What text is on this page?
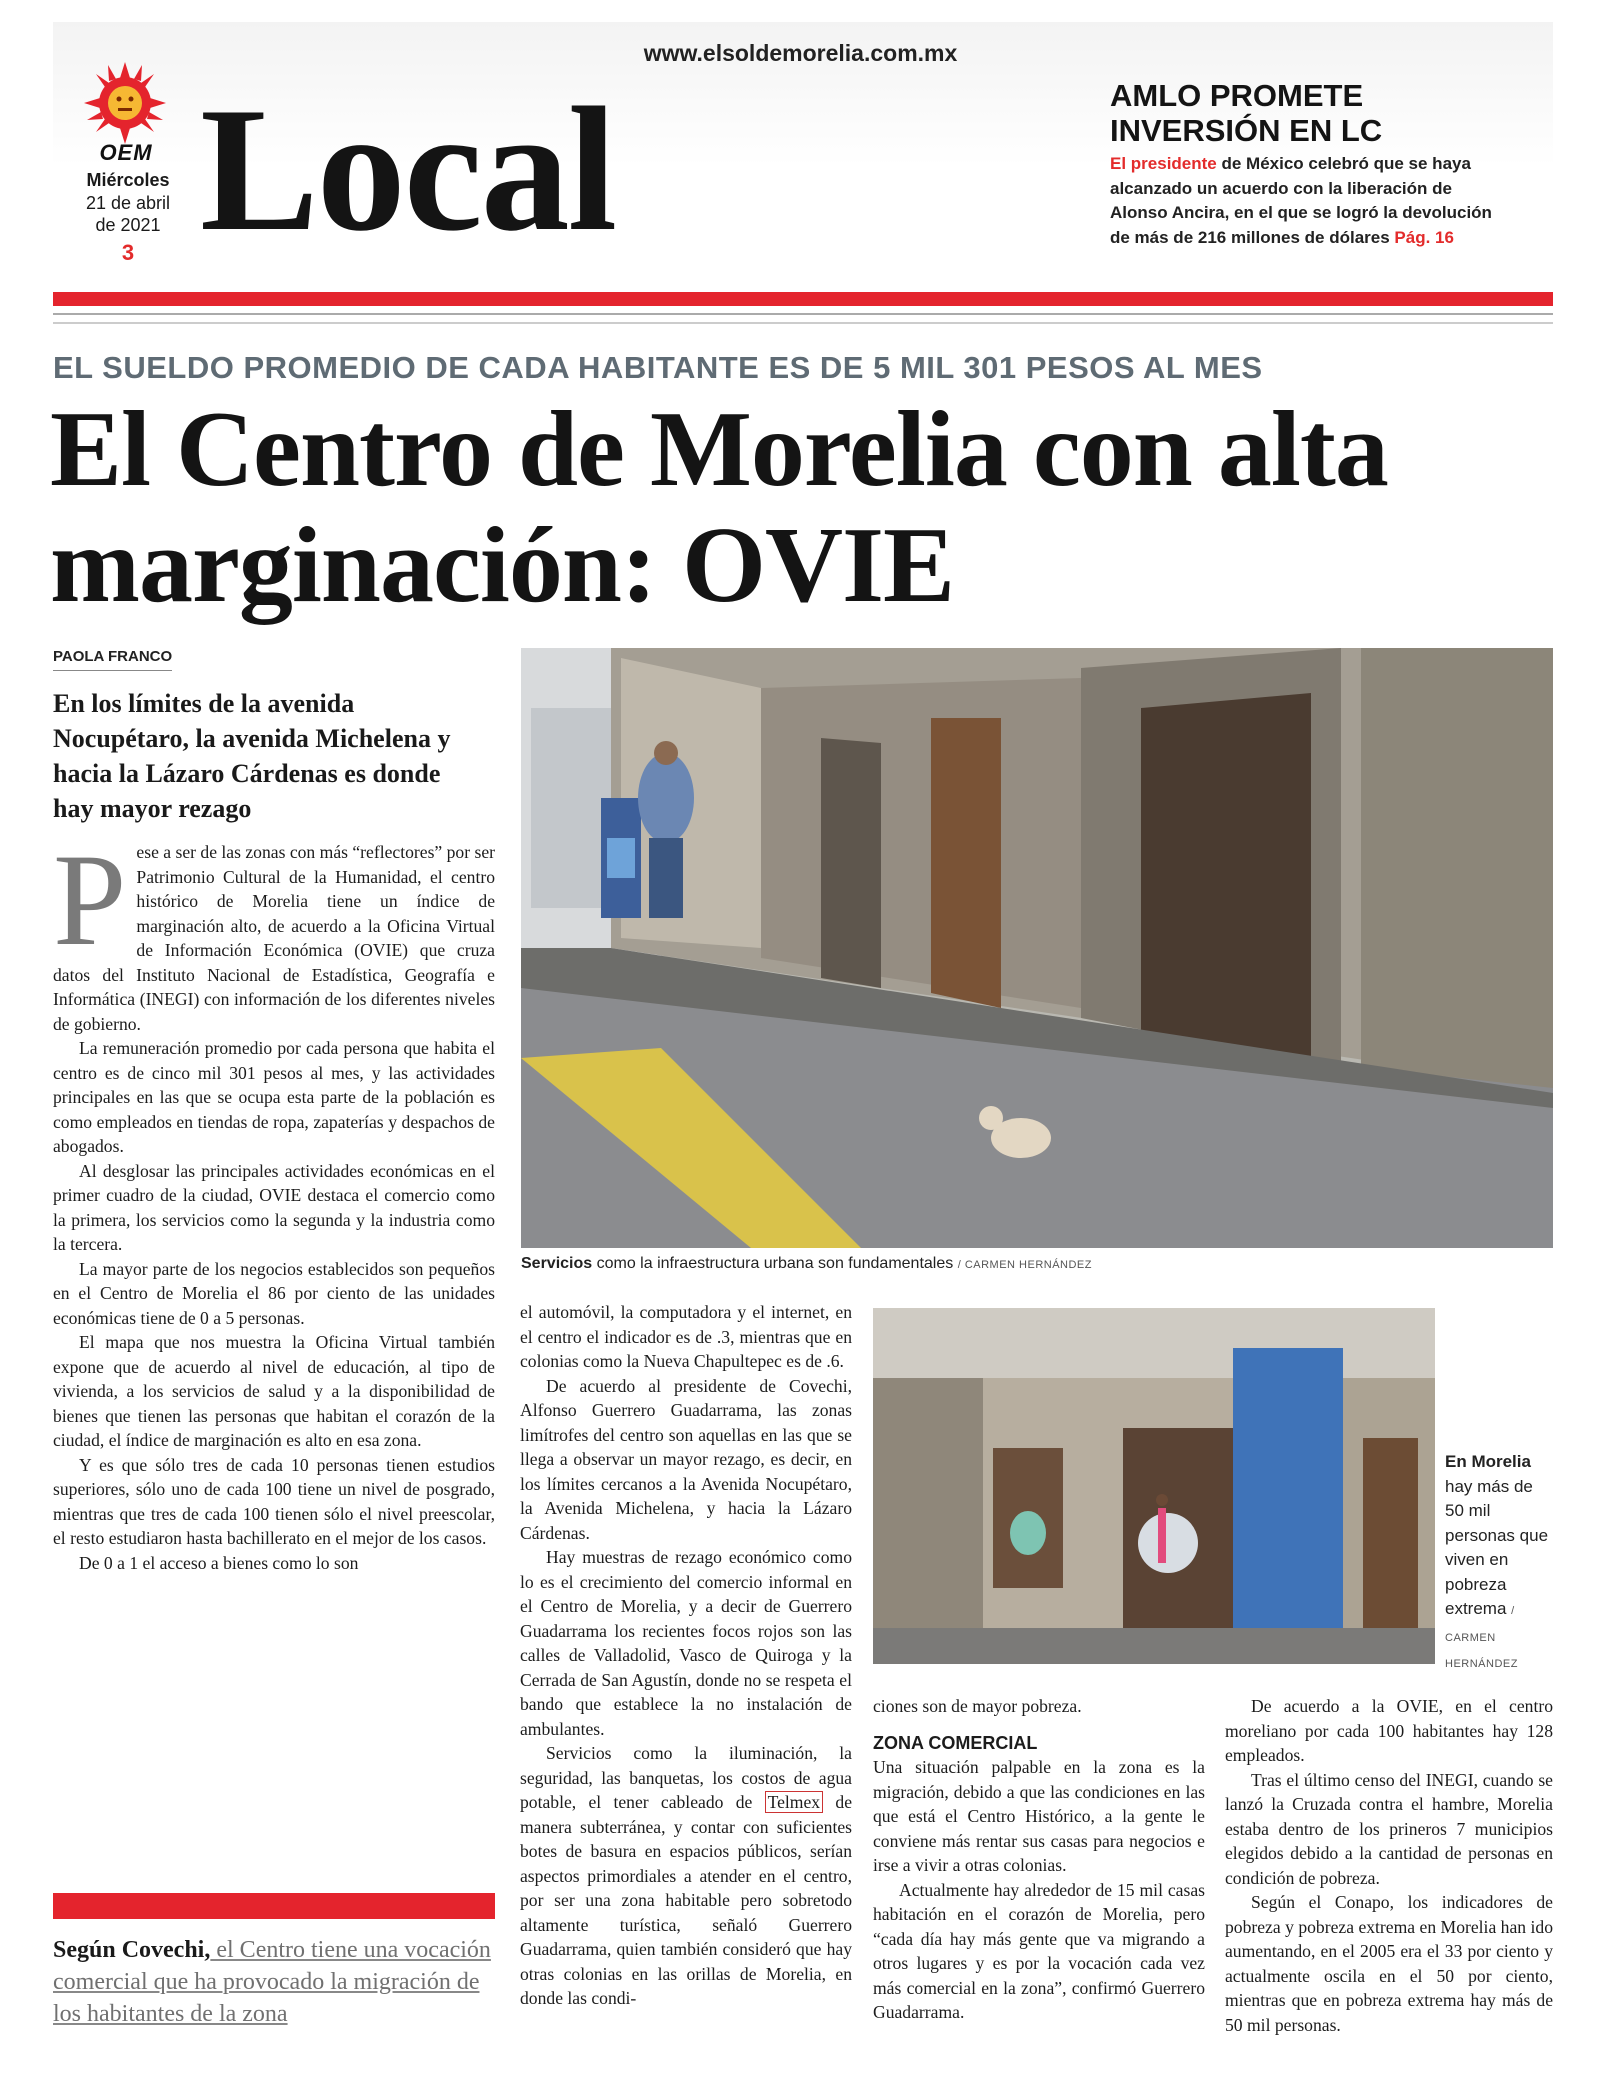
www.elsoldemorelia.com.mx
OEM
Miércoles
21 de abril
de 2021
3 Local	AMLO PROMETE INVERSIÓN EN LC
El presidente de México celebró que se haya alcanzado un acuerdo con la liberación de Alonso Ancira, en el que se logró la devolución de más de 216 millones de dólares Pág. 16
EL SUELDO PROMEDIO DE CADA HABITANTE ES DE 5 MIL 301 PESOS AL MES
El Centro de Morelia con alta marginación: OVIE
PAOLA FRANCO
En los límites de la avenida Nocupétaro, la avenida Michelena y hacia la Lázaro Cárdenas es donde hay mayor rezago
P ese a ser de las zonas con más “reflectores” por ser Patrimonio Cultural de la Humanidad, el centro histórico de Morelia tiene un índice de marginación alto, de acuerdo a la Oficina Virtual de Información Económica (OVIE) que cruza datos del Instituto Nacional de Estadística, Geografía e Informática (INEGI) con información de los diferentes niveles de gobierno.

La remuneración promedio por cada persona que habita el centro es de cinco mil 301 pesos al mes, y las actividades principales en las que se ocupa esta parte de la población es como empleados en tiendas de ropa, zapaterías y despachos de abogados.

Al desglosar las principales actividades económicas en el primer cuadro de la ciudad, OVIE destaca el comercio como la primera, los servicios como la segunda y la industria como la tercera.

La mayor parte de los negocios establecidos son pequeños en el Centro de Morelia el 86 por ciento de las unidades económicas tiene de 0 a 5 personas.

El mapa que nos muestra la Oficina Virtual también expone que de acuerdo al nivel de educación, al tipo de vivienda, a los servicios de salud y a la disponibilidad de bienes que tienen las personas que habitan el corazón de la ciudad, el índice de marginación es alto en esa zona.

Y es que sólo tres de cada 10 personas tienen estudios superiores, sólo uno de cada 100 tiene un nivel de posgrado, mientras que tres de cada 100 tienen sólo el nivel preescolar, el resto estudiaron hasta bachillerato en el mejor de los casos.

De 0 a 1 el acceso a bienes como lo son

Servicios como la infraestructura urbana son fundamentales / CARMEN HERNÁNDEZ

el automóvil, la computadora y el internet, en el centro el indicador es de .3, mientras que en colonias como la Nueva Chapultepec es de .6.

De acuerdo al presidente de Covechi, Alfonso Guerrero Guadarrama, las zonas limítrofes del centro son aquellas en las que se llega a observar un mayor rezago, es decir, en los límites cercanos a la Avenida Nocupétaro, la Avenida Michelena, y hacia la Lázaro Cárdenas.

Hay muestras de rezago económico como lo es el crecimiento del comercio informal en el Centro de Morelia, y a decir de Guerrero Guadarrama los recientes focos rojos son las calles de Valladolid, Vasco de Quiroga y la Cerrada de San Agustín, donde no se respeta el bando que establece la no instalación de ambulantes.

Servicios como la iluminación, la seguridad, las banquetas, los costos de agua potable, el tener cableado de Telmex de manera subterránea, y contar con suficientes botes de basura en espacios públicos, serían aspectos primordiales a atender en el centro, por ser una zona habitable pero sobretodo altamente turística, señaló Guerrero Guadarrama, quien también consideró que hay otras colonias en las orillas de Morelia, en donde las condi-

En Morelia hay más de 50 mil personas que viven en pobreza extrema / CARMEN HERNÁNDEZ

ciones son de mayor pobreza.

ZONA COMERCIAL

Una situación palpable en la zona es la migración, debido a que las condiciones en las que está el Centro Histórico, a la gente le conviene más rentar sus casas para negocios e irse a vivir a otras colonias.

Actualmente hay alrededor de 15 mil casas habitación en el corazón de Morelia, pero “cada día hay más gente que va migrando a otros lugares y es por la vocación cada vez más comercial en la zona”, confirmó Guerrero Guadarrama.

De acuerdo a la OVIE, en el centro moreliano por cada 100 habitantes hay 128 empleados.

Tras el último censo del INEGI, cuando se lanzó la Cruzada contra el hambre, Morelia estaba dentro de los prineros 7 municipios elegidos debido a la cantidad de personas en condición de pobreza.

Según el Conapo, los indicadores de pobreza y pobreza extrema en Morelia han ido aumentando, en el 2005 era el 33 por ciento y actualmente oscila en el 50 por ciento, mientras que en pobreza extrema hay más de 50 mil personas.

Según Covechi, el Centro tiene una vocación comercial que ha provocado la migración de los habitantes de la zona
